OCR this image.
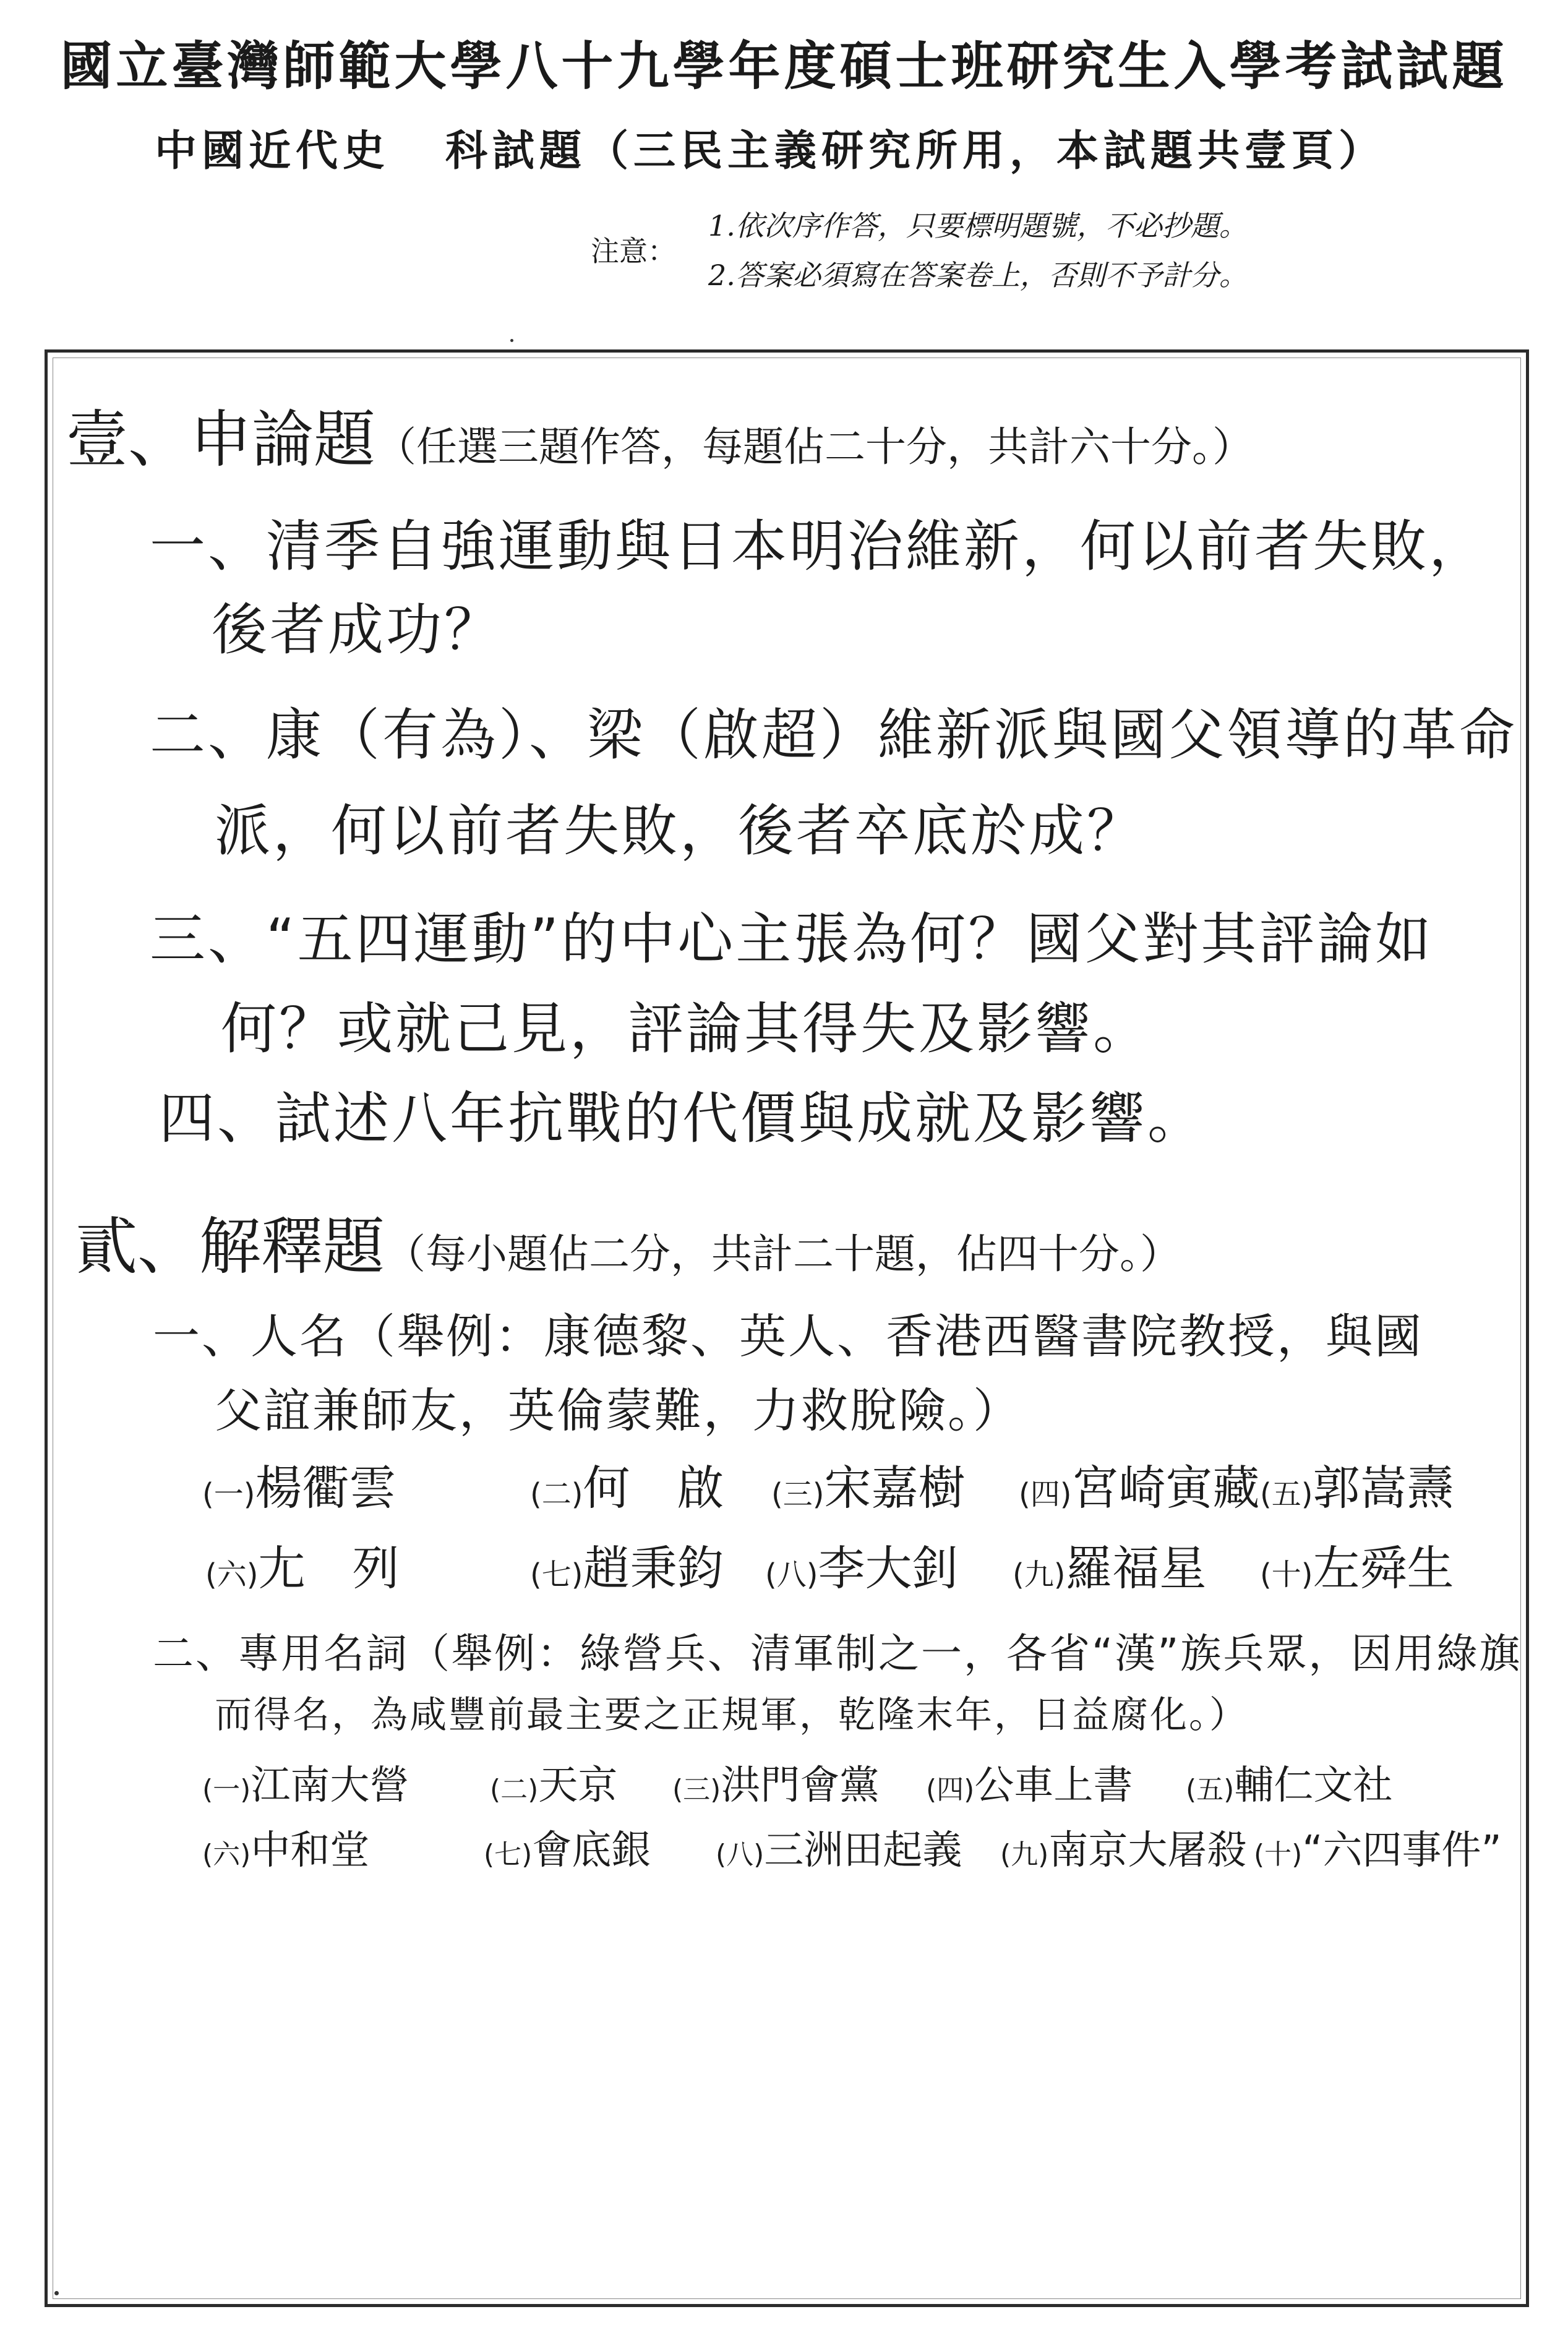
國立臺灣師範大學八十九學年度碩士班研究生入學考試試題
中國近代史 科試題（三民主義研究所用，本試題共壹頁）
注意：
1.依次序作答，只要標明題號，不必抄題。
2.答案必須寫在答案卷上，否則不予計分。
壹、申論題（任選三題作答，每題佔二十分，共計六十分。）
一、清季自強運動與日本明治維新，何以前者失敗，
後者成功？
二、康（有為）、梁（啟超）維新派與國父領導的革命
派，何以前者失敗，後者卒底於成？
三、“五四運動”的中心主張為何？國父對其評論如
何？或就己見，評論其得失及影響。
四、試述八年抗戰的代價與成就及影響。
貳、解釋題（每小題佔二分，共計二十題，佔四十分。）
一、人名（舉例：康德黎、英人、香港西醫書院教授，與國
父誼兼師友，英倫蒙難，力救脫險。）
(一)楊衢雲	(二)何　啟 (三)宋嘉樹 (四)宮崎寅藏 (五)郭嵩燾
(六)尢　列	(七)趙秉鈞 (八)李大釗 (九)羅福星 (十)左舜生
二、專用名詞（舉例：綠營兵、清軍制之一，各省“漢”族兵眾，因用綠旗
而得名，為咸豐前最主要之正規軍，乾隆末年，日益腐化。）
(一)江南大營	(二)天京 (三)洪門會黨 (四)公車上書 (五)輔仁文社
(六)中和堂	(七)會底銀 (八)三洲田起義 (九)南京大屠殺 (十)“六四事件”
